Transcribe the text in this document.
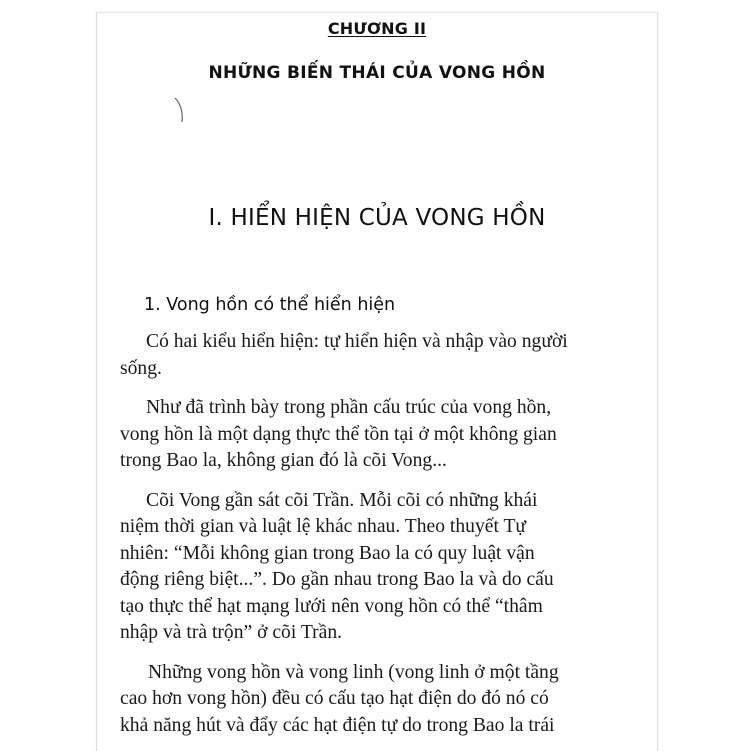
CHƯƠNG II
NHỮNG BIẾN THÁI CỦA VONG HỒN
I. HIỂN HIỆN CỦA VONG HỒN
1. Vong hồn có thể hiển hiện
Có hai kiểu hiển hiện: tự hiển hiện và nhập vào người
sống.
Như đã trình bày trong phần cấu trúc của vong hồn,
vong hồn là một dạng thực thể tồn tại ở một không gian
trong Bao la, không gian đó là cõi Vong...
Cõi Vong gần sát cõi Trần. Mỗi cõi có những khái
niệm thời gian và luật lệ khác nhau. Theo thuyết Tự
nhiên: “Mỗi không gian trong Bao la có quy luật vận
động riêng biệt...”. Do gần nhau trong Bao la và do cấu
tạo thực thể hạt mạng lưới nên vong hồn có thể “thâm
nhập và trà trộn” ở cõi Trần.
Những vong hồn và vong linh (vong linh ở một tầng
cao hơn vong hồn) đều có cấu tạo hạt điện do đó nó có
khả năng hút và đẩy các hạt điện tự do trong Bao la trái
